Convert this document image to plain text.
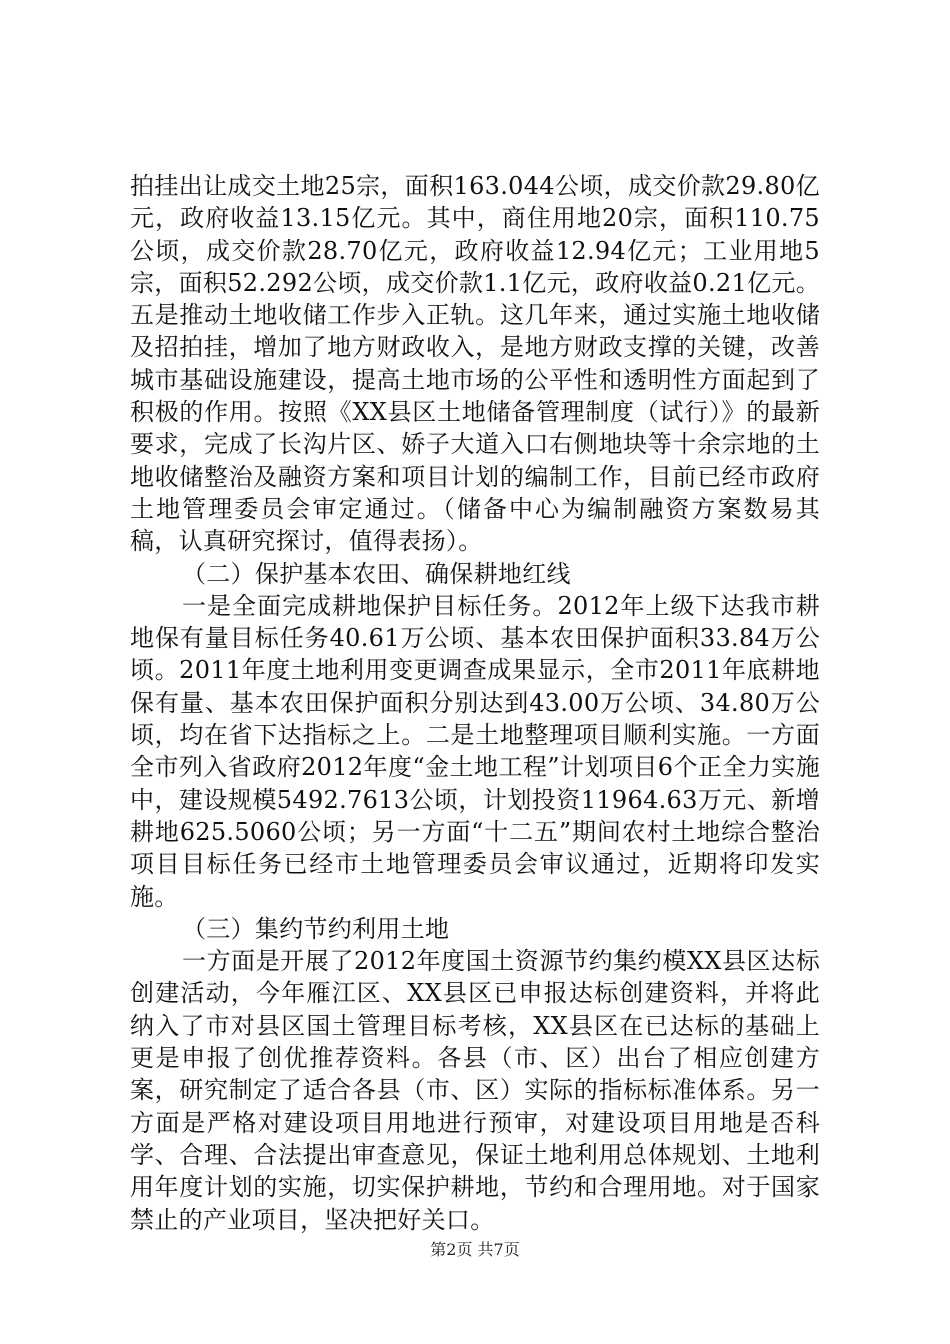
拍挂出让成交土地25宗，面积163.044公顷，成交价款29.80亿元，政府收益13.15亿元。其中，商住用地20宗，面积110.75公顷，成交价款28.70亿元，政府收益12.94亿元；工业用地5宗，面积52.292公顷，成交价款1.1亿元，政府收益0.21亿元。五是推动土地收储工作步入正轨。这几年来，通过实施土地收储及招拍挂，增加了地方财政收入，是地方财政支撑的关键，改善城市基础设施建设，提高土地市场的公平性和透明性方面起到了积极的作用。按照《XX县区土地储备管理制度（试行）》的最新要求，完成了长沟片区、娇子大道入口右侧地块等十余宗地的土地收储整治及融资方案和项目计划的编制工作，目前已经市政府土地管理委员会审定通过。（储备中心为编制融资方案数易其稿，认真研究探讨，值得表扬）。

（二）保护基本农田、确保耕地红线

一是全面完成耕地保护目标任务。2012年上级下达我市耕地保有量目标任务40.61万公顷、基本农田保护面积33.84万公顷。2011年度土地利用变更调查成果显示，全市2011年底耕地保有量、基本农田保护面积分别达到43.00万公顷、34.80万公顷，均在省下达指标之上。二是土地整理项目顺利实施。一方面全市列入省政府2012年度“金土地工程”计划项目6个正全力实施中，建设规模5492.7613公顷，计划投资11964.63万元、新增耕地625.5060公顷；另一方面“十二五”期间农村土地综合整治项目目标任务已经市土地管理委员会审议通过，近期将印发实施。

（三）集约节约利用土地

一方面是开展了2012年度国土资源节约集约模XX县区达标创建活动，今年雁江区、XX县区已申报达标创建资料，并将此纳入了市对县区国土管理目标考核，XX县区在已达标的基础上更是申报了创优推荐资料。各县（市、区）出台了相应创建方案，研究制定了适合各县（市、区）实际的指标标准体系。另一方面是严格对建设项目用地进行预审，对建设项目用地是否科学、合理、合法提出审查意见，保证土地利用总体规划、土地利用年度计划的实施，切实保护耕地，节约和合理用地。对于国家禁止的产业项目，坚决把好关口。

第2页 共7页
